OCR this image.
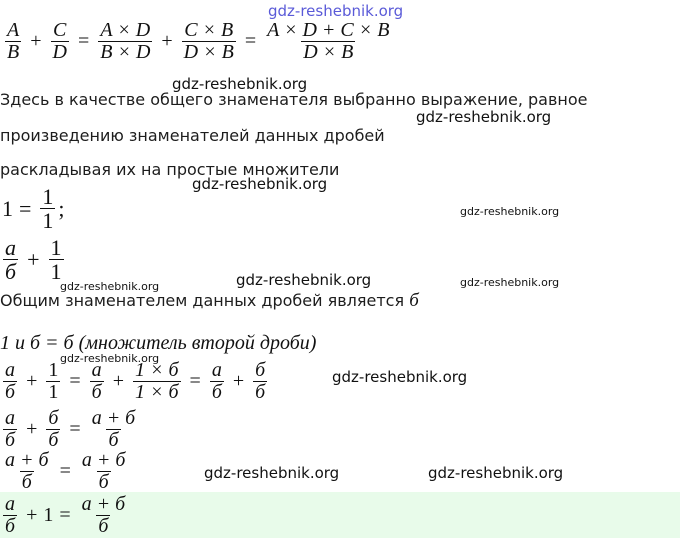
gdz-reshebnik.org
$\frac{A}{B} + \frac{C}{D} = \frac{A \times D}{B \times D} + \frac{C \times B}{D \times B} = \frac{A \times D + C \times B}{D \times B}$
gdz-reshebnik.org
Здесь в качестве общего знаменателя выбранно выражение, равное
gdz-reshebnik.org
произведению знаменателей данных дробей
раскладывая их на простые множители
gdz-reshebnik.org
$1 = \frac{1}{1}$ ;	gdz-reshebnik.org
$\frac{а}{б} + \frac{1}{1}$
gdz-reshebnik.org	gdz-reshebnik.org	gdz-reshebnik.org
Общим знаменателем данных дробей является б
1 и б = б (множитель второй дроби)
gdz-reshebnik.org
$\frac{а}{б} + \frac{1}{1} = \frac{а}{б} + \frac{1 \times б}{1 \times б} = \frac{а}{б} + \frac{б}{б}$	gdz-reshebnik.org
$\frac{а}{б} + \frac{б}{б} = \frac{а + б}{б}$
$\frac{а + б}{б} = \frac{а + б}{б}$	gdz-reshebnik.org	gdz-reshebnik.org
$\frac{а}{б} + 1 = \frac{а + б}{б}$
